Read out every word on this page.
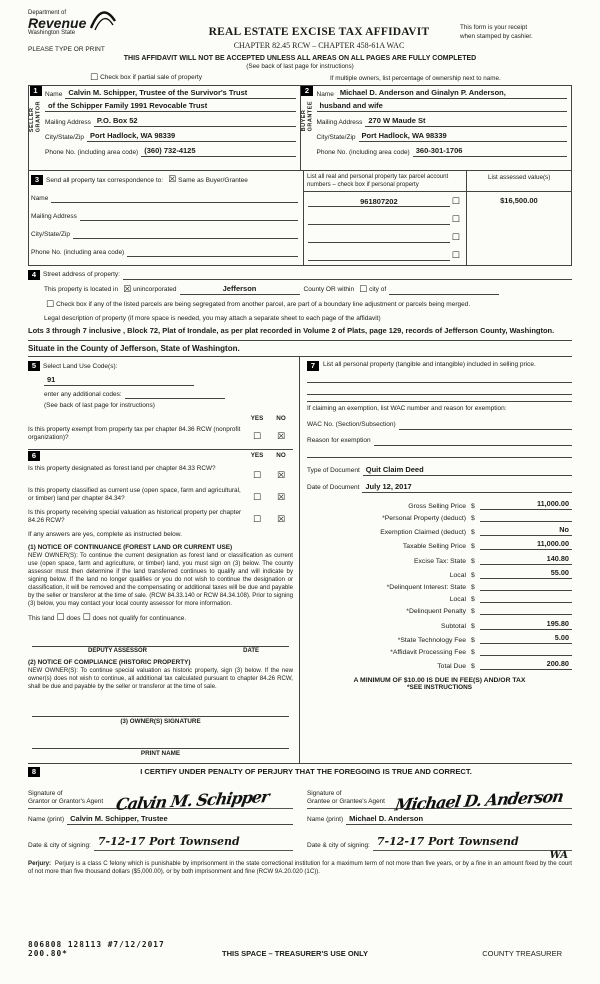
Department of
Revenue
Washington State
PLEASE TYPE OR PRINT
REAL ESTATE EXCISE TAX AFFIDAVIT
CHAPTER 82.45 RCW – CHAPTER 458-61A WAC
This form is your receipt
when stamped by cashier.
THIS AFFIDAVIT WILL NOT BE ACCEPTED UNLESS ALL AREAS ON ALL PAGES ARE FULLY COMPLETED
(See back of last page for instructions)
☐ Check box if partial sale of property	If multiple owners, list percentage of ownership next to name.
1
SELLER GRANTOR
Name Calvin M. Schipper, Trustee of the Survivor's Trust
of the Schipper Family 1991 Revocable Trust
Mailing Address P.O. Box 52
City/State/Zip Port Hadlock, WA 98339
Phone No. (including area code) (360) 732-4125
2
BUYER GRANTEE
Name Michael D. Anderson and Ginalyn P. Anderson,
husband and wife
Mailing Address 270 W Maude St
City/State/Zip Port Hadlock, WA 98339
Phone No. (including area code) 360-301-1706
3	Send all property tax correspondence to: ☒ Same as Buyer/Grantee
Name
Mailing Address
City/State/Zip
Phone No. (including area code)
List all real and personal property tax parcel account
numbers – check box if personal property
List assessed value(s)
961807202	☐
☐
☐
☐
$16,500.00
4	Street address of property:
This property is located in ☒ unincorporated	Jefferson	County OR within ☐ city of
☐ Check box if any of the listed parcels are being segregated from another parcel, are part of a boundary line adjustment or parcels being merged.
Legal description of property (if more space is needed, you may attach a separate sheet to each page of the affidavit)
Lots 3 through 7 inclusive , Block 72, Plat of Irondale, as per plat recorded in Volume 2 of Plats, page 129, records of Jefferson County, Washington.
Situate in the County of Jefferson, State of Washington.
5	Select Land Use Code(s):
91
enter any additional codes:
(See back of last page for instructions)
YES	NO
Is this property exempt from property tax per chapter 84.36 RCW (nonprofit organization)?	☐	☒
6	YES	NO
Is this property designated as forest land per chapter 84.33 RCW?
☐	☒
Is this property classified as current use (open space, farm and agricultural, or timber) land per chapter 84.34?	☐	☒
Is this property receiving special valuation as historical property per chapter 84.26 RCW?	☐	☒
If any answers are yes, complete as instructed below.
(1) NOTICE OF CONTINUANCE (FOREST LAND OR CURRENT USE)
NEW OWNER(S): To continue the current designation as forest land or classification as current use (open space, farm and agriculture, or timber) land, you must sign on (3) below. The county assessor must then determine if the land transferred continues to qualify and will indicate by signing below. If the land no longer qualifies or you do not wish to continue the designation or classification, it will be removed and the compensating or additional taxes will be due and payable by the seller or transferor at the time of sale. (RCW 84.33.140 or RCW 84.34.108). Prior to signing (3) below, you may contact your local county assessor for more information.
This land ☐ does ☐ does not qualify for continuance.
DEPUTY ASSESSOR	DATE
(2) NOTICE OF COMPLIANCE (HISTORIC PROPERTY)
NEW OWNER(S): To continue special valuation as historic property, sign (3) below. If the new owner(s) does not wish to continue, all additional tax calculated pursuant to chapter 84.26 RCW, shall be due and payable by the seller or transferor at the time of sale.
(3) OWNER(S) SIGNATURE
PRINT NAME
7	List all personal property (tangible and intangible) included in selling price.
If claiming an exemption, list WAC number and reason for exemption:
WAC No. (Section/Subsection)
Reason for exemption
Type of Document Quit Claim Deed
Date of Document July 12, 2017
Gross Selling Price $	11,000.00
*Personal Property (deduct) $
Exemption Claimed (deduct) $	No
Taxable Selling Price $	11,000.00
Excise Tax: State $	140.80
Local $	55.00
*Delinquent Interest: State $
Local $
*Delinquent Penalty $
Subtotal $	195.80
*State Technology Fee $	5.00
*Affidavit Processing Fee $
Total Due $	200.80
A MINIMUM OF $10.00 IS DUE IN FEE(S) AND/OR TAX
*SEE INSTRUCTIONS
8	I CERTIFY UNDER PENALTY OF PERJURY THAT THE FOREGOING IS TRUE AND CORRECT.
Signature of
Grantor or Grantor's Agent Calvin M. Schipper	Signature of
Grantee or Grantee's Agent Michael D. Anderson
Name (print) Calvin M. Schipper, Trustee	Name (print) Michael D. Anderson
Date & city of signing: 7-12-17 Port Townsend	Date & city of signing: 7-12-17 Port Townsend
WA
Perjury: Perjury is a class C felony which is punishable by imprisonment in the state correctional institution for a maximum term of not more than five years, or by a fine in an amount fixed by the court of not more than five thousand dollars ($5,000.00), or by both imprisonment and fine (RCW 9A.20.020 (1C)).
806808 128113 #7/12/2017 200.80*	THIS SPACE – TREASURER'S USE ONLY	COUNTY TREASURER
